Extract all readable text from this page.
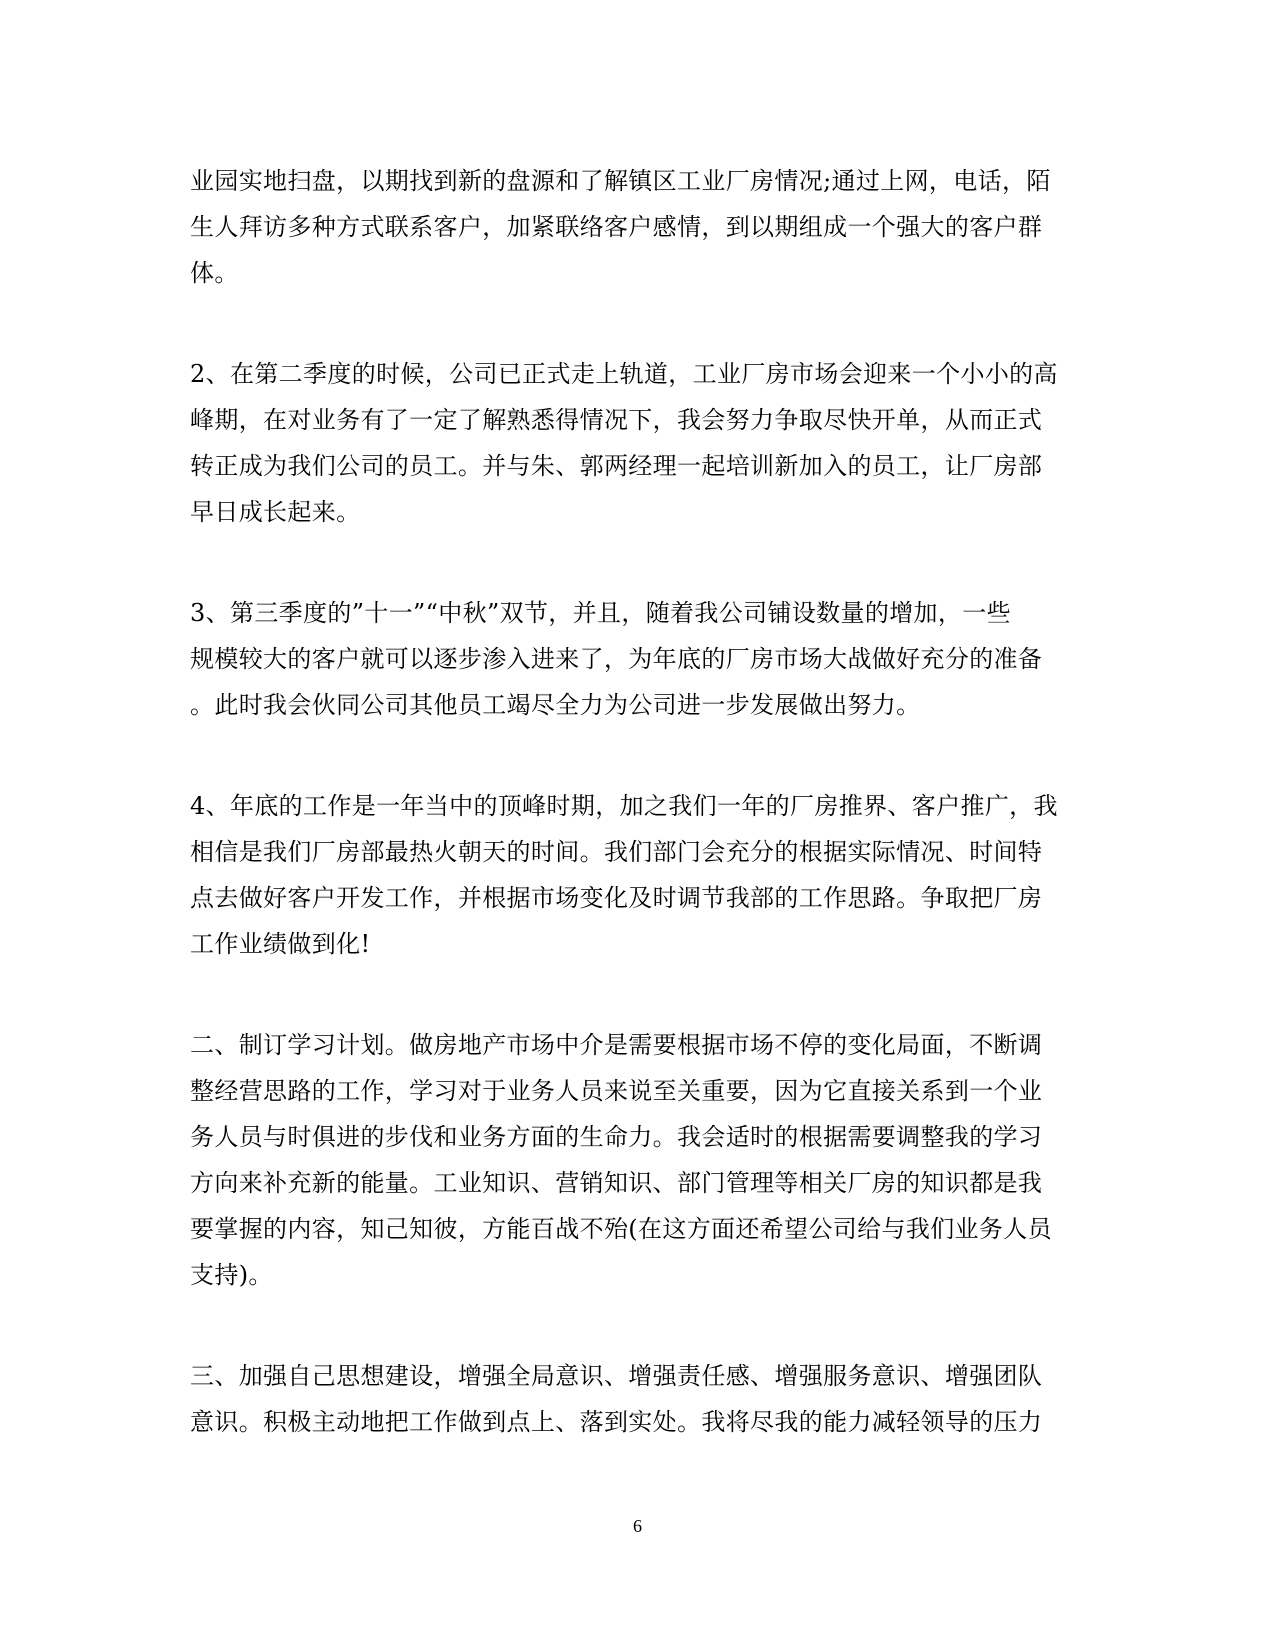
业园实地扫盘，以期找到新的盘源和了解镇区工业厂房情况;通过上网，电话，陌
生人拜访多种方式联系客户，加紧联络客户感情，到以期组成一个强大的客户群
体。
2、在第二季度的时候，公司已正式走上轨道，工业厂房市场会迎来一个小小的高
峰期，在对业务有了一定了解熟悉得情况下，我会努力争取尽快开单，从而正式
转正成为我们公司的员工。并与朱、郭两经理一起培训新加入的员工，让厂房部
早日成长起来。
3、第三季度的”十一”“中秋”双节，并且，随着我公司铺设数量的增加，一些
规模较大的客户就可以逐步渗入进来了，为年底的厂房市场大战做好充分的准备
。此时我会伙同公司其他员工竭尽全力为公司进一步发展做出努力。
4、年底的工作是一年当中的顶峰时期，加之我们一年的厂房推界、客户推广，我
相信是我们厂房部最热火朝天的时间。我们部门会充分的根据实际情况、时间特
点去做好客户开发工作，并根据市场变化及时调节我部的工作思路。争取把厂房
工作业绩做到化!
二、制订学习计划。做房地产市场中介是需要根据市场不停的变化局面，不断调
整经营思路的工作，学习对于业务人员来说至关重要，因为它直接关系到一个业
务人员与时俱进的步伐和业务方面的生命力。我会适时的根据需要调整我的学习
方向来补充新的能量。工业知识、营销知识、部门管理等相关厂房的知识都是我
要掌握的内容，知己知彼，方能百战不殆(在这方面还希望公司给与我们业务人员
支持)。
三、加强自己思想建设，增强全局意识、增强责任感、增强服务意识、增强团队
意识。积极主动地把工作做到点上、落到实处。我将尽我的能力减轻领导的压力
6
